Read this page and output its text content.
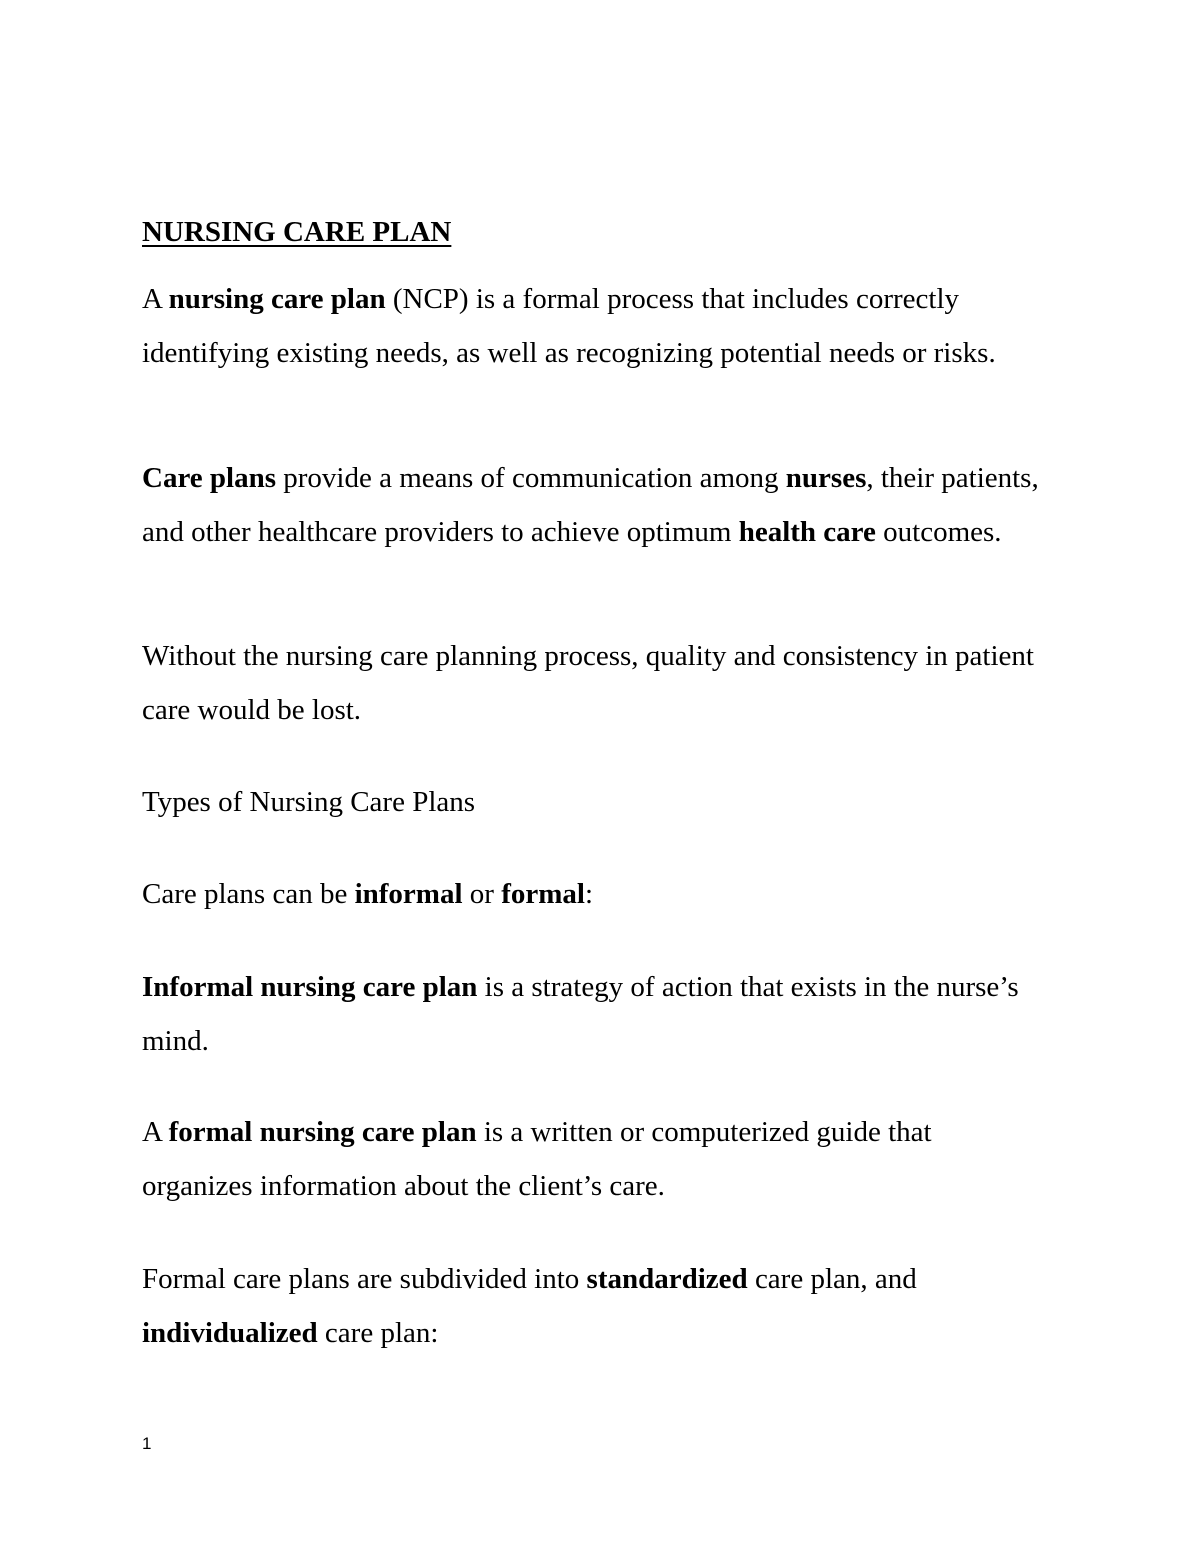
NURSING CARE PLAN

A nursing care plan (NCP) is a formal process that includes correctly identifying existing needs, as well as recognizing potential needs or risks.

Care plans provide a means of communication among nurses, their patients, and other healthcare providers to achieve optimum health care outcomes.

Without the nursing care planning process, quality and consistency in patient care would be lost.

Types of Nursing Care Plans

Care plans can be informal or formal:

Informal nursing care plan is a strategy of action that exists in the nurse’s mind.

A formal nursing care plan is a written or computerized guide that organizes information about the client’s care.

Formal care plans are subdivided into standardized care plan, and individualized care plan:

1
